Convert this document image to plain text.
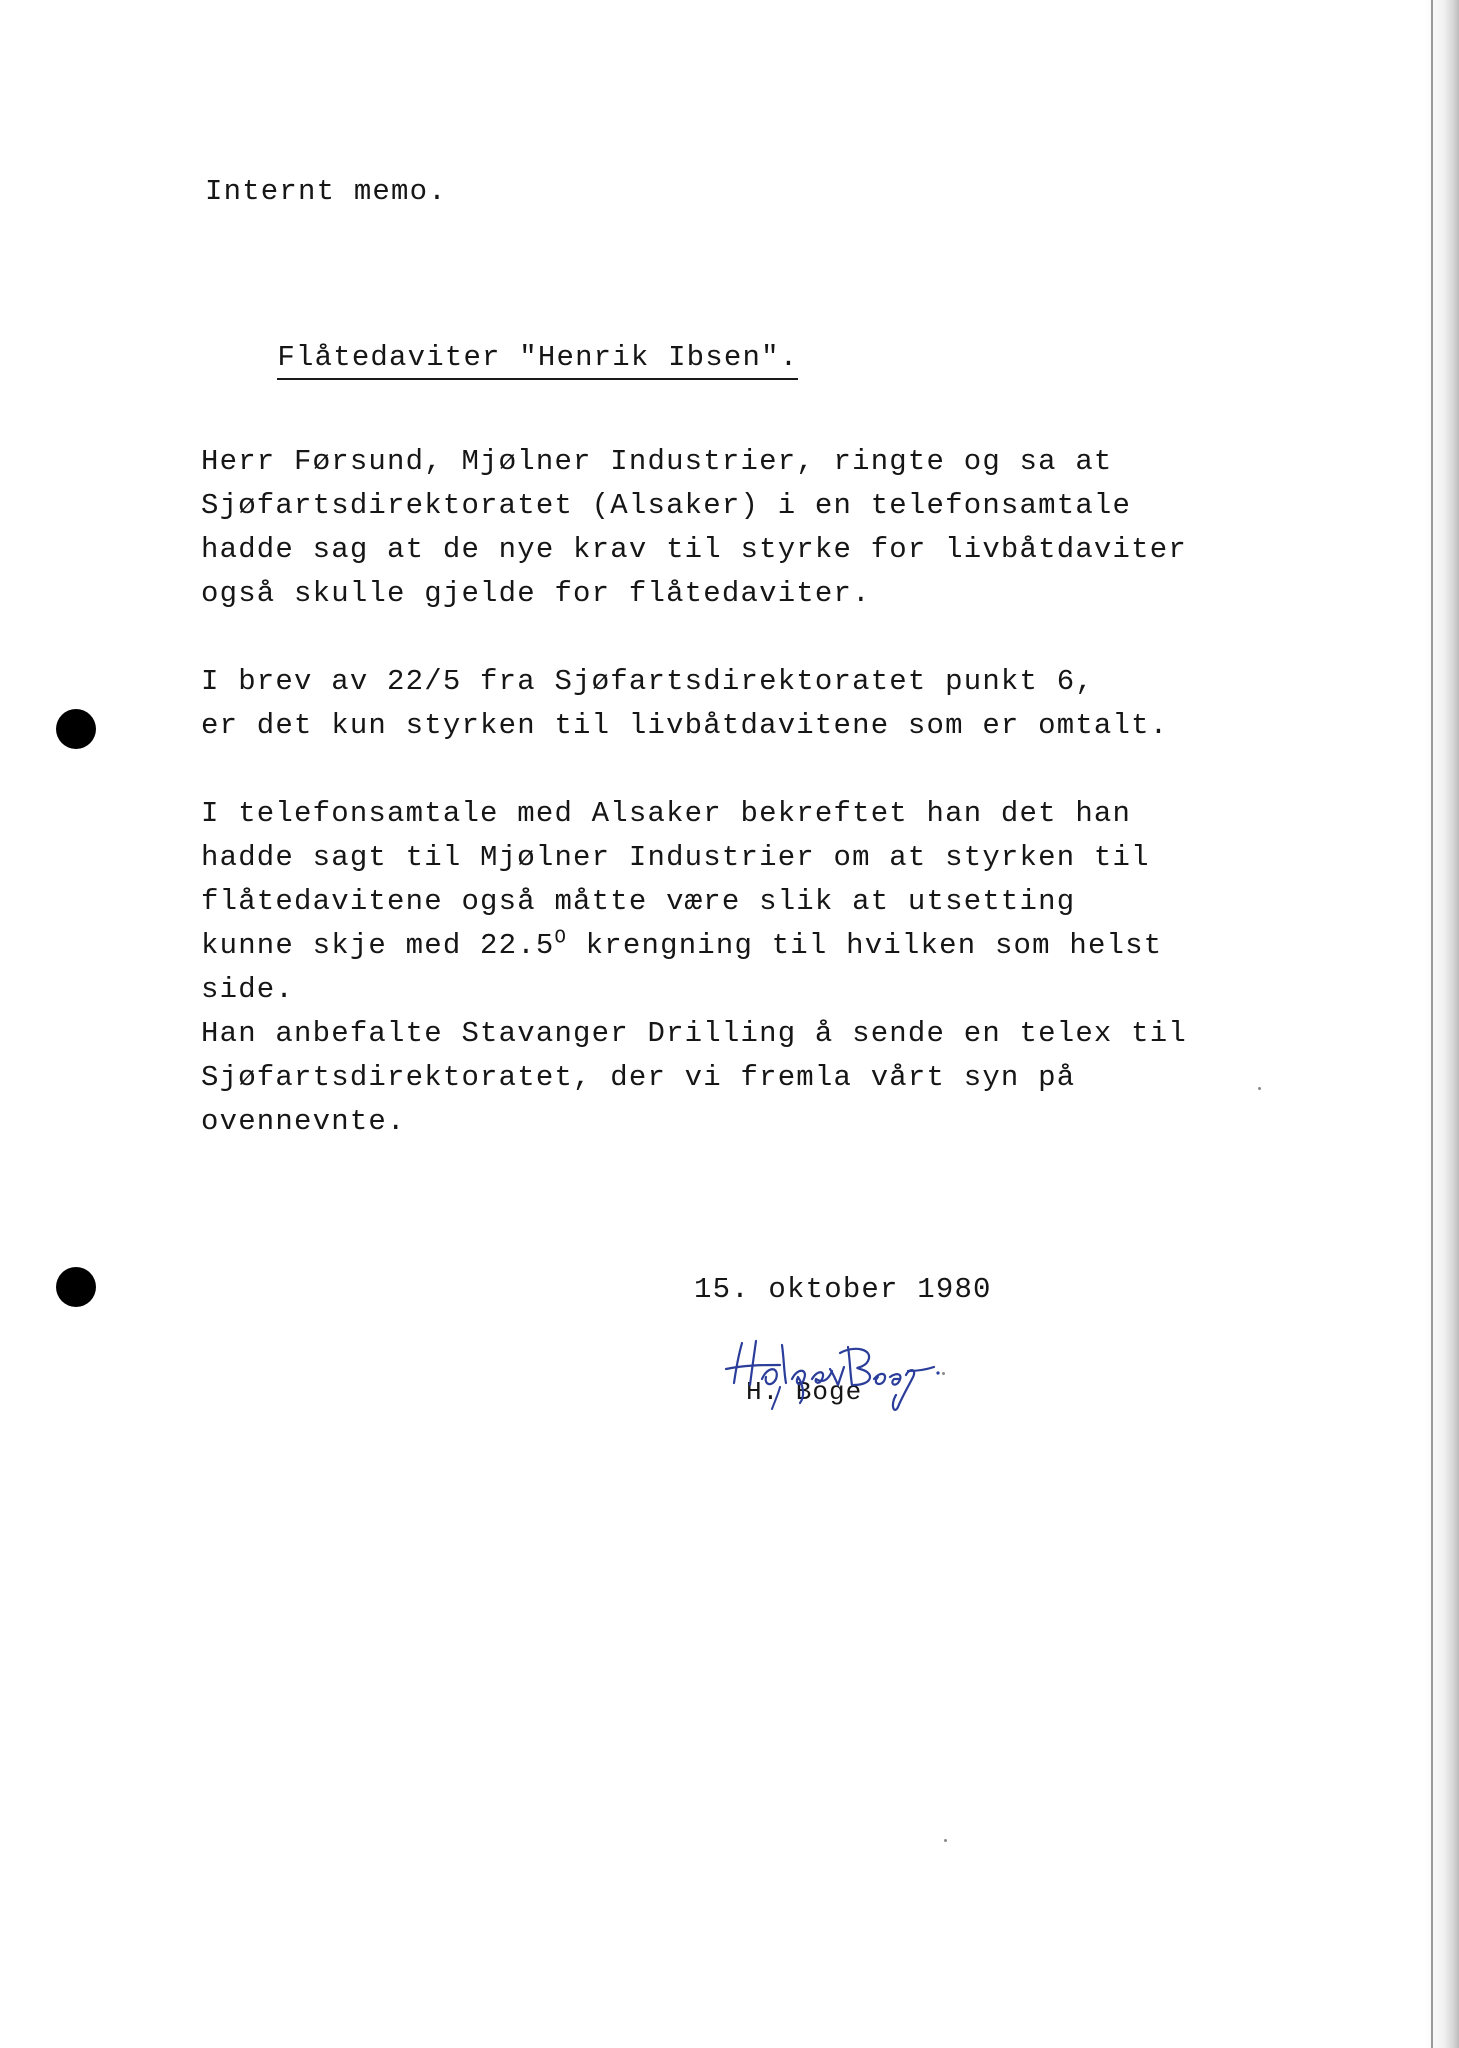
Internt memo.

Flåtedaviter "Henrik Ibsen".

Herr Førsund, Mjølner Industrier, ringte og sa at
Sjøfartsdirektoratet (Alsaker) i en telefonsamtale
hadde sag at de nye krav til styrke for livbåtdaviter
også skulle gjelde for flåtedaviter.
I brev av 22/5 fra Sjøfartsdirektoratet punkt 6,
er det kun styrken til livbåtdavitene som er omtalt.
I telefonsamtale med Alsaker bekreftet han det han
hadde sagt til Mjølner Industrier om at styrken til
flåtedavitene også måtte være slik at utsetting
kunne skje med $22.5^O$ krengning til hvilken som helst
side.
Han anbefalte Stavanger Drilling å sende en telex til
Sjøfartsdirektoratet, der vi fremla vårt syn på
ovennevnte.
15. oktober 1980
H. Boge
